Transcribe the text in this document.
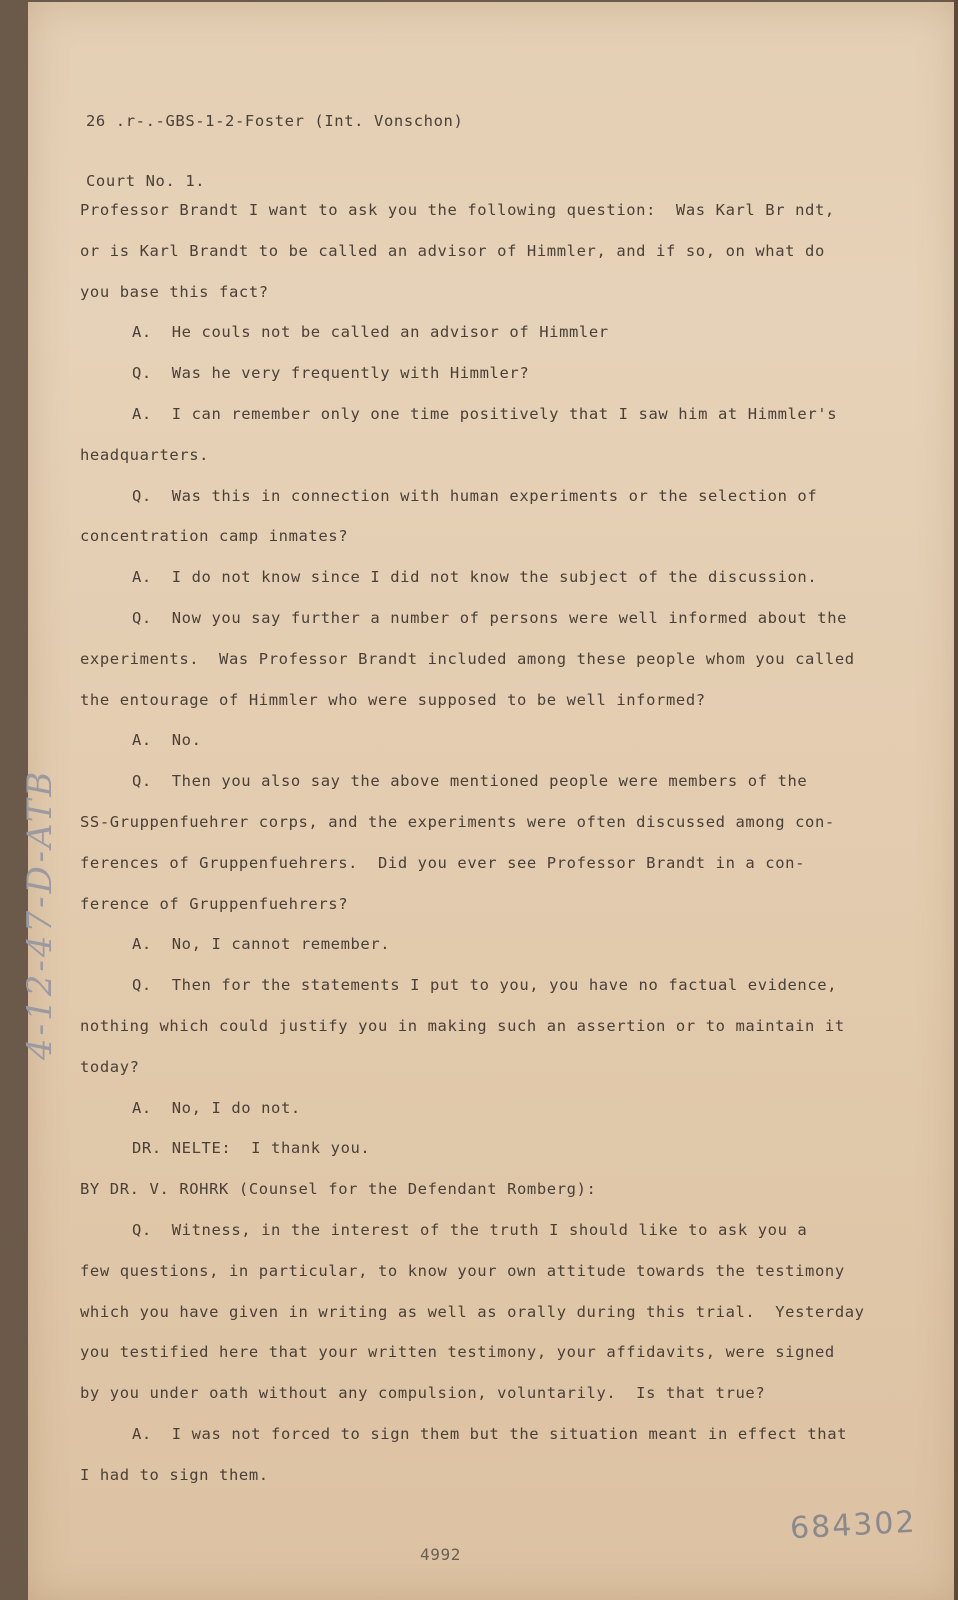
26 .r-.-GBS-1-2-Foster (Int. Vonschon)

Court No. 1.

Professor Brandt I want to ask you the following question:  Was Karl Br ndt,
or is Karl Brandt to be called an advisor of Himmler, and if so, on what do
you base this fact?
A.  He couls not be called an advisor of Himmler
Q.  Was he very frequently with Himmler?
A.  I can remember only one time positively that I saw him at Himmler's
headquarters.
Q.  Was this in connection with human experiments or the selection of
concentration camp inmates?
A.  I do not know since I did not know the subject of the discussion.
Q.  Now you say further a number of persons were well informed about the
experiments.  Was Professor Brandt included among these people whom you called
the entourage of Himmler who were supposed to be well informed?
A.  No.
Q.  Then you also say the above mentioned people were members of the
SS-Gruppenfuehrer corps, and the experiments were often discussed among con-
ferences of Gruppenfuehrers.  Did you ever see Professor Brandt in a con-
ference of Gruppenfuehrers?
A.  No, I cannot remember.
Q.  Then for the statements I put to you, you have no factual evidence,
nothing which could justify you in making such an assertion or to maintain it
today?
A.  No, I do not.
DR. NELTE:  I thank you.
BY DR. V. ROHRK (Counsel for the Defendant Romberg):
Q.  Witness, in the interest of the truth I should like to ask you a
few questions, in particular, to know your own attitude towards the testimony
which you have given in writing as well as orally during this trial.  Yesterday
you testified here that your written testimony, your affidavits, were signed
by you under oath without any compulsion, voluntarily.  Is that true?
A.  I was not forced to sign them but the situation meant in effect that
I had to sign them.
4992
684302
4-12-47-D-ATB
